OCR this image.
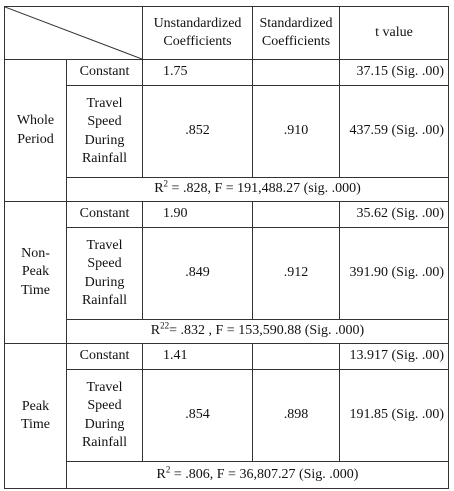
	Unstandardized Coefficients	Standardized Coefficients	t value
Whole Period	Constant	1.75		37.15 (Sig. .00)
	Travel Speed During Rainfall	.852	.910	437.59 (Sig. .00)
	$R^2 = .828$, F = 191,488.27 (sig. .000)			
Non-Peak Time	Constant	1.90		35.62 (Sig. .00)
	Travel Speed During Rainfall	.849	.912	391.90 (Sig. .00)
	$R^{22}= .832$ , F = 153,590.88 (Sig. .000)			
Peak Time	Constant	1.41		13.917 (Sig. .00)
	Travel Speed During Rainfall	.854	.898	191.85 (Sig. .00)
	$R^2 = .806$, F = 36,807.27 (Sig. .000)			
